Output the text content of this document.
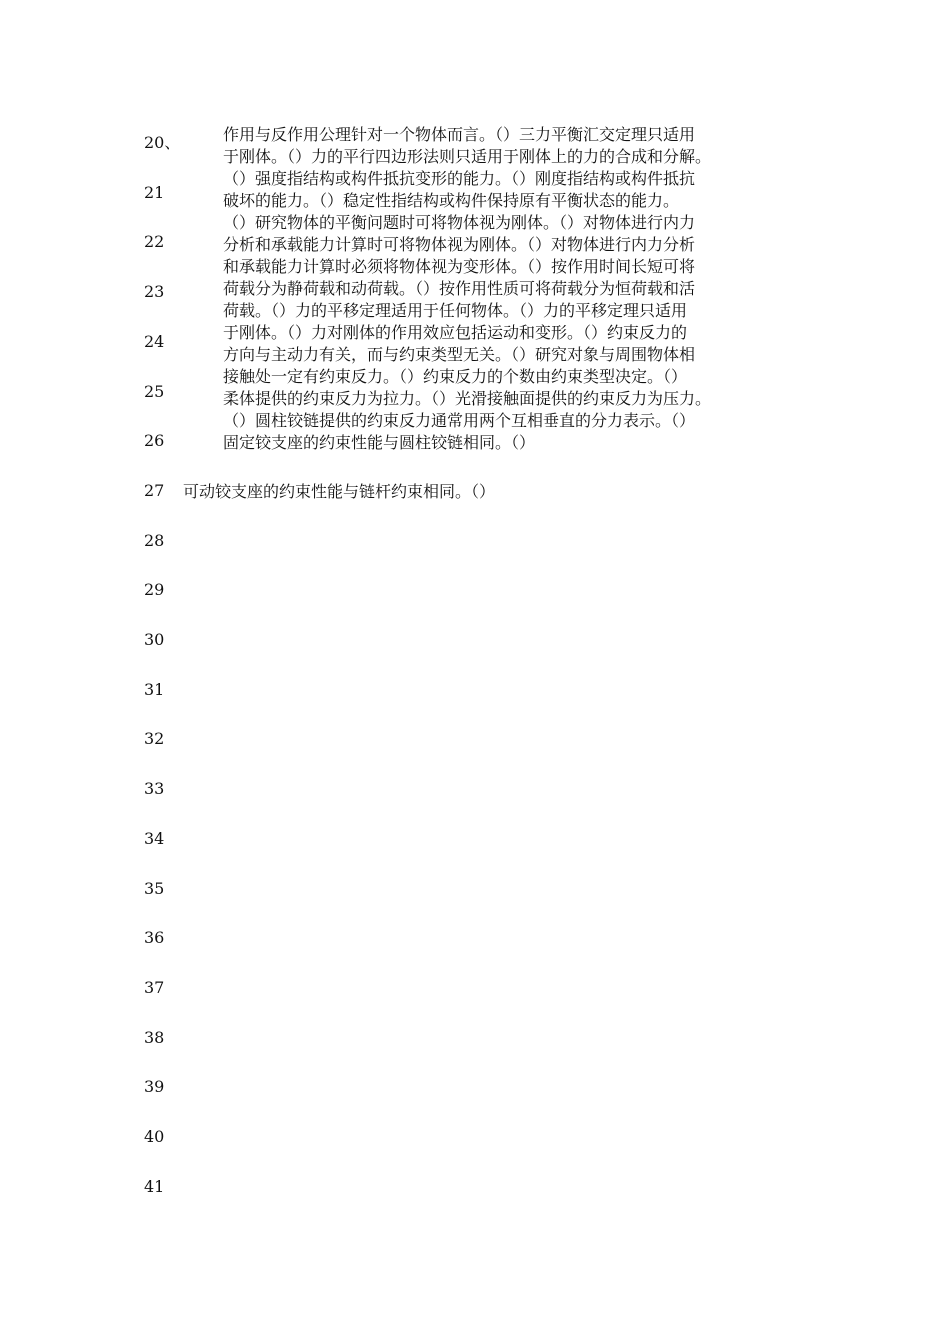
20、
21
22
23
24
25
26
27
28
29
30
31
32
33
34
35
36
37
38
39
40
41
作用与反作用公理针对一个物体而言。（）三力平衡汇交定理只适用
于刚体。（）力的平行四边形法则只适用于刚体上的力的合成和分解。
（）强度指结构或构件抵抗变形的能力。（）刚度指结构或构件抵抗
破坏的能力。（）稳定性指结构或构件保持原有平衡状态的能力。
（）研究物体的平衡问题时可将物体视为刚体。（）对物体进行内力
分析和承载能力计算时可将物体视为刚体。（）对物体进行内力分析
和承载能力计算时必须将物体视为变形体。（）按作用时间长短可将
荷载分为静荷载和动荷载。（）按作用性质可将荷载分为恒荷载和活
荷载。（）力的平移定理适用于任何物体。（）力的平移定理只适用
于刚体。（）力对刚体的作用效应包括运动和变形。（）约束反力的
方向与主动力有关，而与约束类型无关。（）研究对象与周围物体相
接触处一定有约束反力。（）约束反力的个数由约束类型决定。（）
柔体提供的约束反力为拉力。（）光滑接触面提供的约束反力为压力。
（）圆柱铰链提供的约束反力通常用两个互相垂直的分力表示。（）
固定铰支座的约束性能与圆柱铰链相同。（）
可动铰支座的约束性能与链杆约束相同。（）
